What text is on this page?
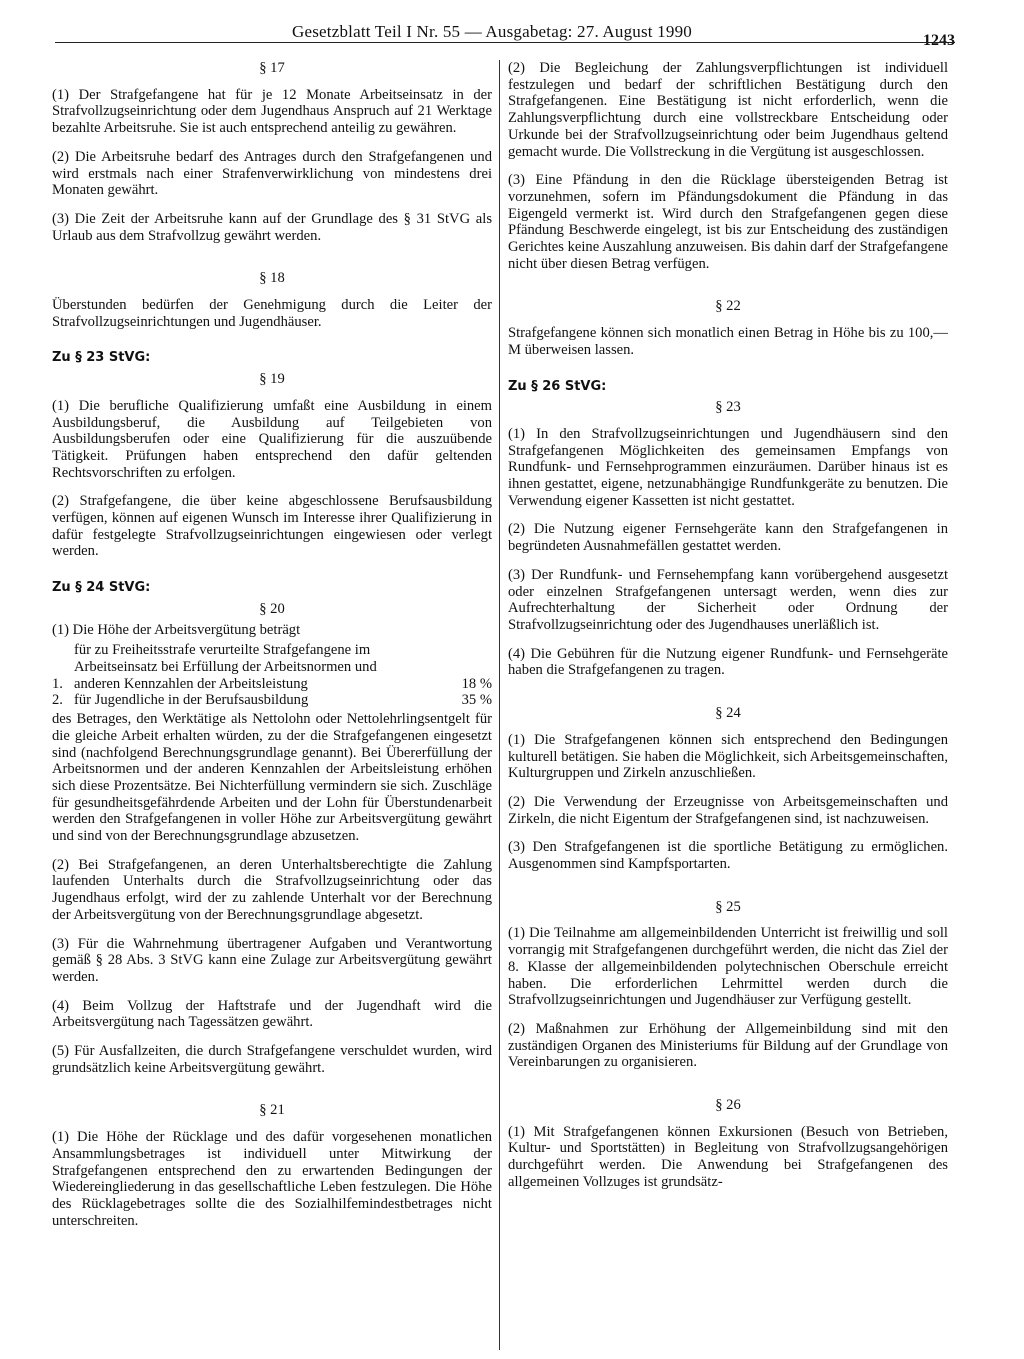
Gesetzblatt Teil I Nr. 55 — Ausgabetag: 27. August 1990	1243
§ 17

(1) Der Strafgefangene hat für je 12 Monate Arbeitseinsatz in der Strafvollzugseinrichtung oder dem Jugendhaus Anspruch auf 21 Werktage bezahlte Arbeitsruhe. Sie ist auch entsprechend anteilig zu gewähren.

(2) Die Arbeitsruhe bedarf des Antrages durch den Strafgefangenen und wird erstmals nach einer Strafenverwirklichung von mindestens drei Monaten gewährt.

(3) Die Zeit der Arbeitsruhe kann auf der Grundlage des § 31 StVG als Urlaub aus dem Strafvollzug gewährt werden.

§ 18

Überstunden bedürfen der Genehmigung durch die Leiter der Strafvollzugseinrichtungen und Jugendhäuser.

Zu § 23 StVG:
§ 19

(1) Die berufliche Qualifizierung umfaßt eine Ausbildung in einem Ausbildungsberuf, die Ausbildung auf Teilgebieten von Ausbildungsberufen oder eine Qualifizierung für die auszuübende Tätigkeit. Prüfungen haben entsprechend den dafür geltenden Rechtsvorschriften zu erfolgen.

(2) Strafgefangene, die über keine abgeschlossene Berufsausbildung verfügen, können auf eigenen Wunsch im Interesse ihrer Qualifizierung in dafür festgelegte Strafvollzugseinrichtungen eingewiesen oder verlegt werden.

Zu § 24 StVG:
§ 20

(1) Die Höhe der Arbeitsvergütung beträgt

1.
für zu Freiheitsstrafe verurteilte Strafgefangene im Arbeitseinsatz bei Erfüllung der Arbeitsnormen und anderen Kennzahlen der Arbeitsleistung	18 %
2. für Jugendliche in der Berufsausbildung	35 %

des Betrages, den Werktätige als Nettolohn oder Nettolehrlingsentgelt für die gleiche Arbeit erhalten würden, zu der die Strafgefangenen eingesetzt sind (nachfolgend Berechnungsgrundlage genannt). Bei Übererfüllung der Arbeitsnormen und der anderen Kennzahlen der Arbeitsleistung erhöhen sich diese Prozentsätze. Bei Nichterfüllung vermindern sie sich. Zuschläge für gesundheitsgefährdende Arbeiten und der Lohn für Überstundenarbeit werden den Strafgefangenen in voller Höhe zur Arbeitsvergütung gewährt und sind von der Berechnungsgrundlage abzusetzen.

(2) Bei Strafgefangenen, an deren Unterhaltsberechtigte die Zahlung laufenden Unterhalts durch die Strafvollzugseinrichtung oder das Jugendhaus erfolgt, wird der zu zahlende Unterhalt vor der Berechnung der Arbeitsvergütung von der Berechnungsgrundlage abgesetzt.

(3) Für die Wahrnehmung übertragener Aufgaben und Verantwortung gemäß § 28 Abs. 3 StVG kann eine Zulage zur Arbeitsvergütung gewährt werden.

(4) Beim Vollzug der Haftstrafe und der Jugendhaft wird die Arbeitsvergütung nach Tagessätzen gewährt.

(5) Für Ausfallzeiten, die durch Strafgefangene verschuldet wurden, wird grundsätzlich keine Arbeitsvergütung gewährt.

§ 21

(1) Die Höhe der Rücklage und des dafür vorgesehenen monatlichen Ansammlungsbetrages ist individuell unter Mitwirkung der Strafgefangenen entsprechend den zu erwartenden Bedingungen der Wiedereingliederung in das gesellschaftliche Leben festzulegen. Die Höhe des Rücklagebetrages sollte die des Sozialhilfemindestbetrages nicht unterschreiten.

(2) Die Begleichung der Zahlungsverpflichtungen ist individuell festzulegen und bedarf der schriftlichen Bestätigung durch den Strafgefangenen. Eine Bestätigung ist nicht erforderlich, wenn die Zahlungsverpflichtung durch eine vollstreckbare Entscheidung oder Urkunde bei der Strafvollzugseinrichtung oder beim Jugendhaus geltend gemacht wurde. Die Vollstreckung in die Vergütung ist ausgeschlossen.

(3) Eine Pfändung in den die Rücklage übersteigenden Betrag ist vorzunehmen, sofern im Pfändungsdokument die Pfändung in das Eigengeld vermerkt ist. Wird durch den Strafgefangenen gegen diese Pfändung Beschwerde eingelegt, ist bis zur Entscheidung des zuständigen Gerichtes keine Auszahlung anzuweisen. Bis dahin darf der Strafgefangene nicht über diesen Betrag verfügen.

§ 22

Strafgefangene können sich monatlich einen Betrag in Höhe bis zu 100,— M überweisen lassen.

Zu § 26 StVG:
§ 23

(1) In den Strafvollzugseinrichtungen und Jugendhäusern sind den Strafgefangenen Möglichkeiten des gemeinsamen Empfangs von Rundfunk- und Fernsehprogrammen einzuräumen. Darüber hinaus ist es ihnen gestattet, eigene, netzunabhängige Rundfunkgeräte zu benutzen. Die Verwendung eigener Kassetten ist nicht gestattet.

(2) Die Nutzung eigener Fernsehgeräte kann den Strafgefangenen in begründeten Ausnahmefällen gestattet werden.

(3) Der Rundfunk- und Fernsehempfang kann vorübergehend ausgesetzt oder einzelnen Strafgefangenen untersagt werden, wenn dies zur Aufrechterhaltung der Sicherheit oder Ordnung der Strafvollzugseinrichtung oder des Jugendhauses unerläßlich ist.

(4) Die Gebühren für die Nutzung eigener Rundfunk- und Fernsehgeräte haben die Strafgefangenen zu tragen.

§ 24

(1) Die Strafgefangenen können sich entsprechend den Bedingungen kulturell betätigen. Sie haben die Möglichkeit, sich Arbeitsgemeinschaften, Kulturgruppen und Zirkeln anzuschließen.

(2) Die Verwendung der Erzeugnisse von Arbeitsgemeinschaften und Zirkeln, die nicht Eigentum der Strafgefangenen sind, ist nachzuweisen.

(3) Den Strafgefangenen ist die sportliche Betätigung zu ermöglichen. Ausgenommen sind Kampfsportarten.

§ 25

(1) Die Teilnahme am allgemeinbildenden Unterricht ist freiwillig und soll vorrangig mit Strafgefangenen durchgeführt werden, die nicht das Ziel der 8. Klasse der allgemeinbildenden polytechnischen Oberschule erreicht haben. Die erforderlichen Lehrmittel werden durch die Strafvollzugseinrichtungen und Jugendhäuser zur Verfügung gestellt.

(2) Maßnahmen zur Erhöhung der Allgemeinbildung sind mit den zuständigen Organen des Ministeriums für Bildung auf der Grundlage von Vereinbarungen zu organisieren.

§ 26

(1) Mit Strafgefangenen können Exkursionen (Besuch von Betrieben, Kultur- und Sportstätten) in Begleitung von Strafvollzugsangehörigen durchgeführt werden. Die Anwendung bei Strafgefangenen des allgemeinen Vollzuges ist grundsätz-
